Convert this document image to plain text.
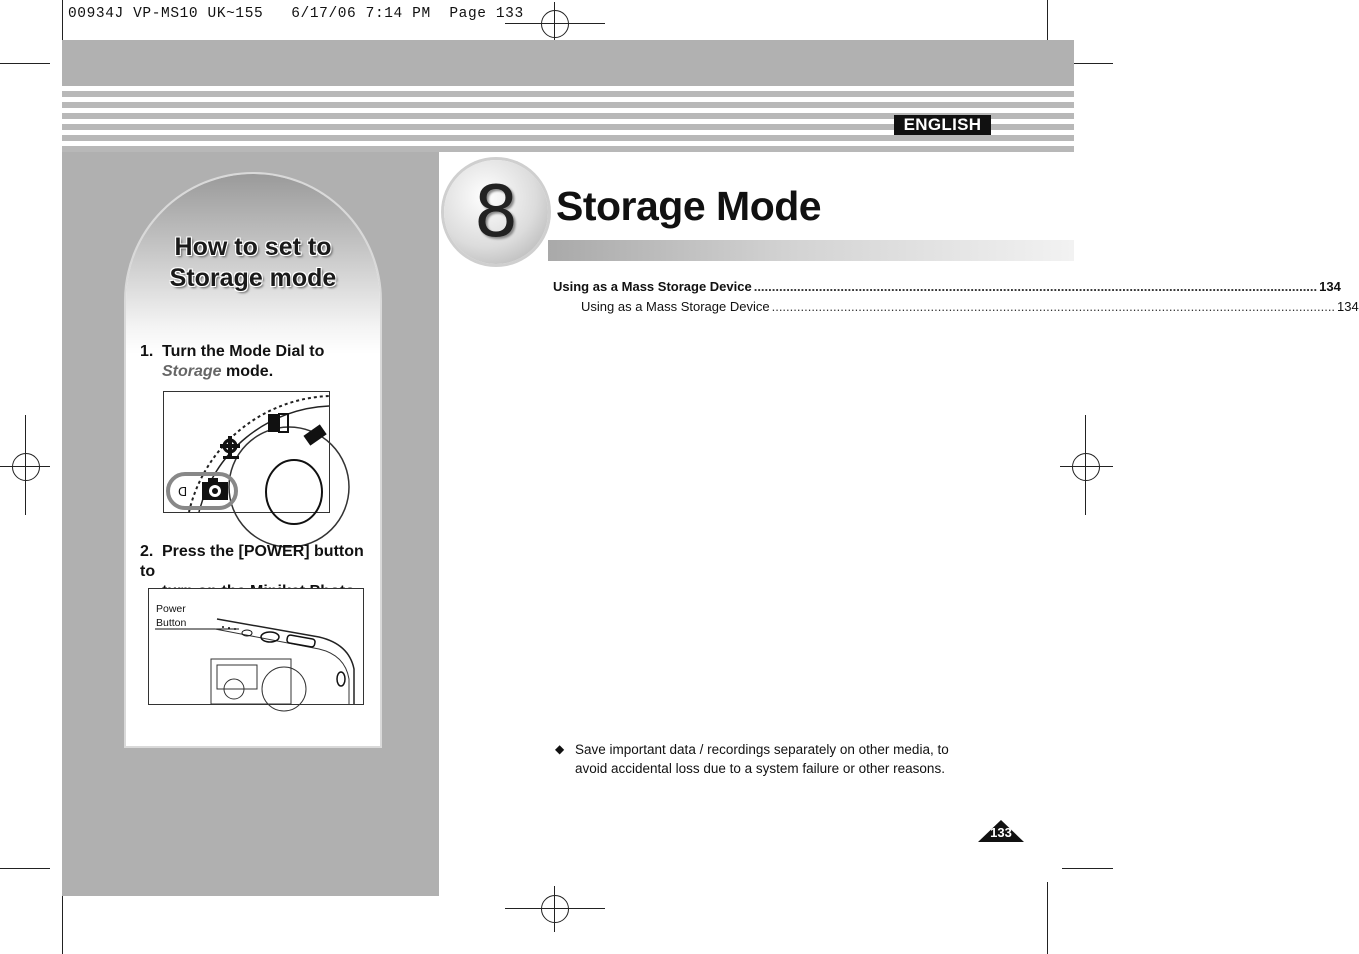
00934J VP-MS10 UK~155   6/17/06 7:14 PM  Page 133
ENGLISH
How to set to
Storage mode
1. Turn the Mode Dial to
Storage mode.
ᗡ
2. Press the [POWER] button to
Power
Button
8 Storage Mode
Using as a Mass Storage Device ............................................................................................................................................................ 134
Using as a Mass Storage Device ............................................................................................................................................................ 134
◆ Save important data / recordings separately on other media, to
avoid accidental loss due to a system failure or other reasons.
133
